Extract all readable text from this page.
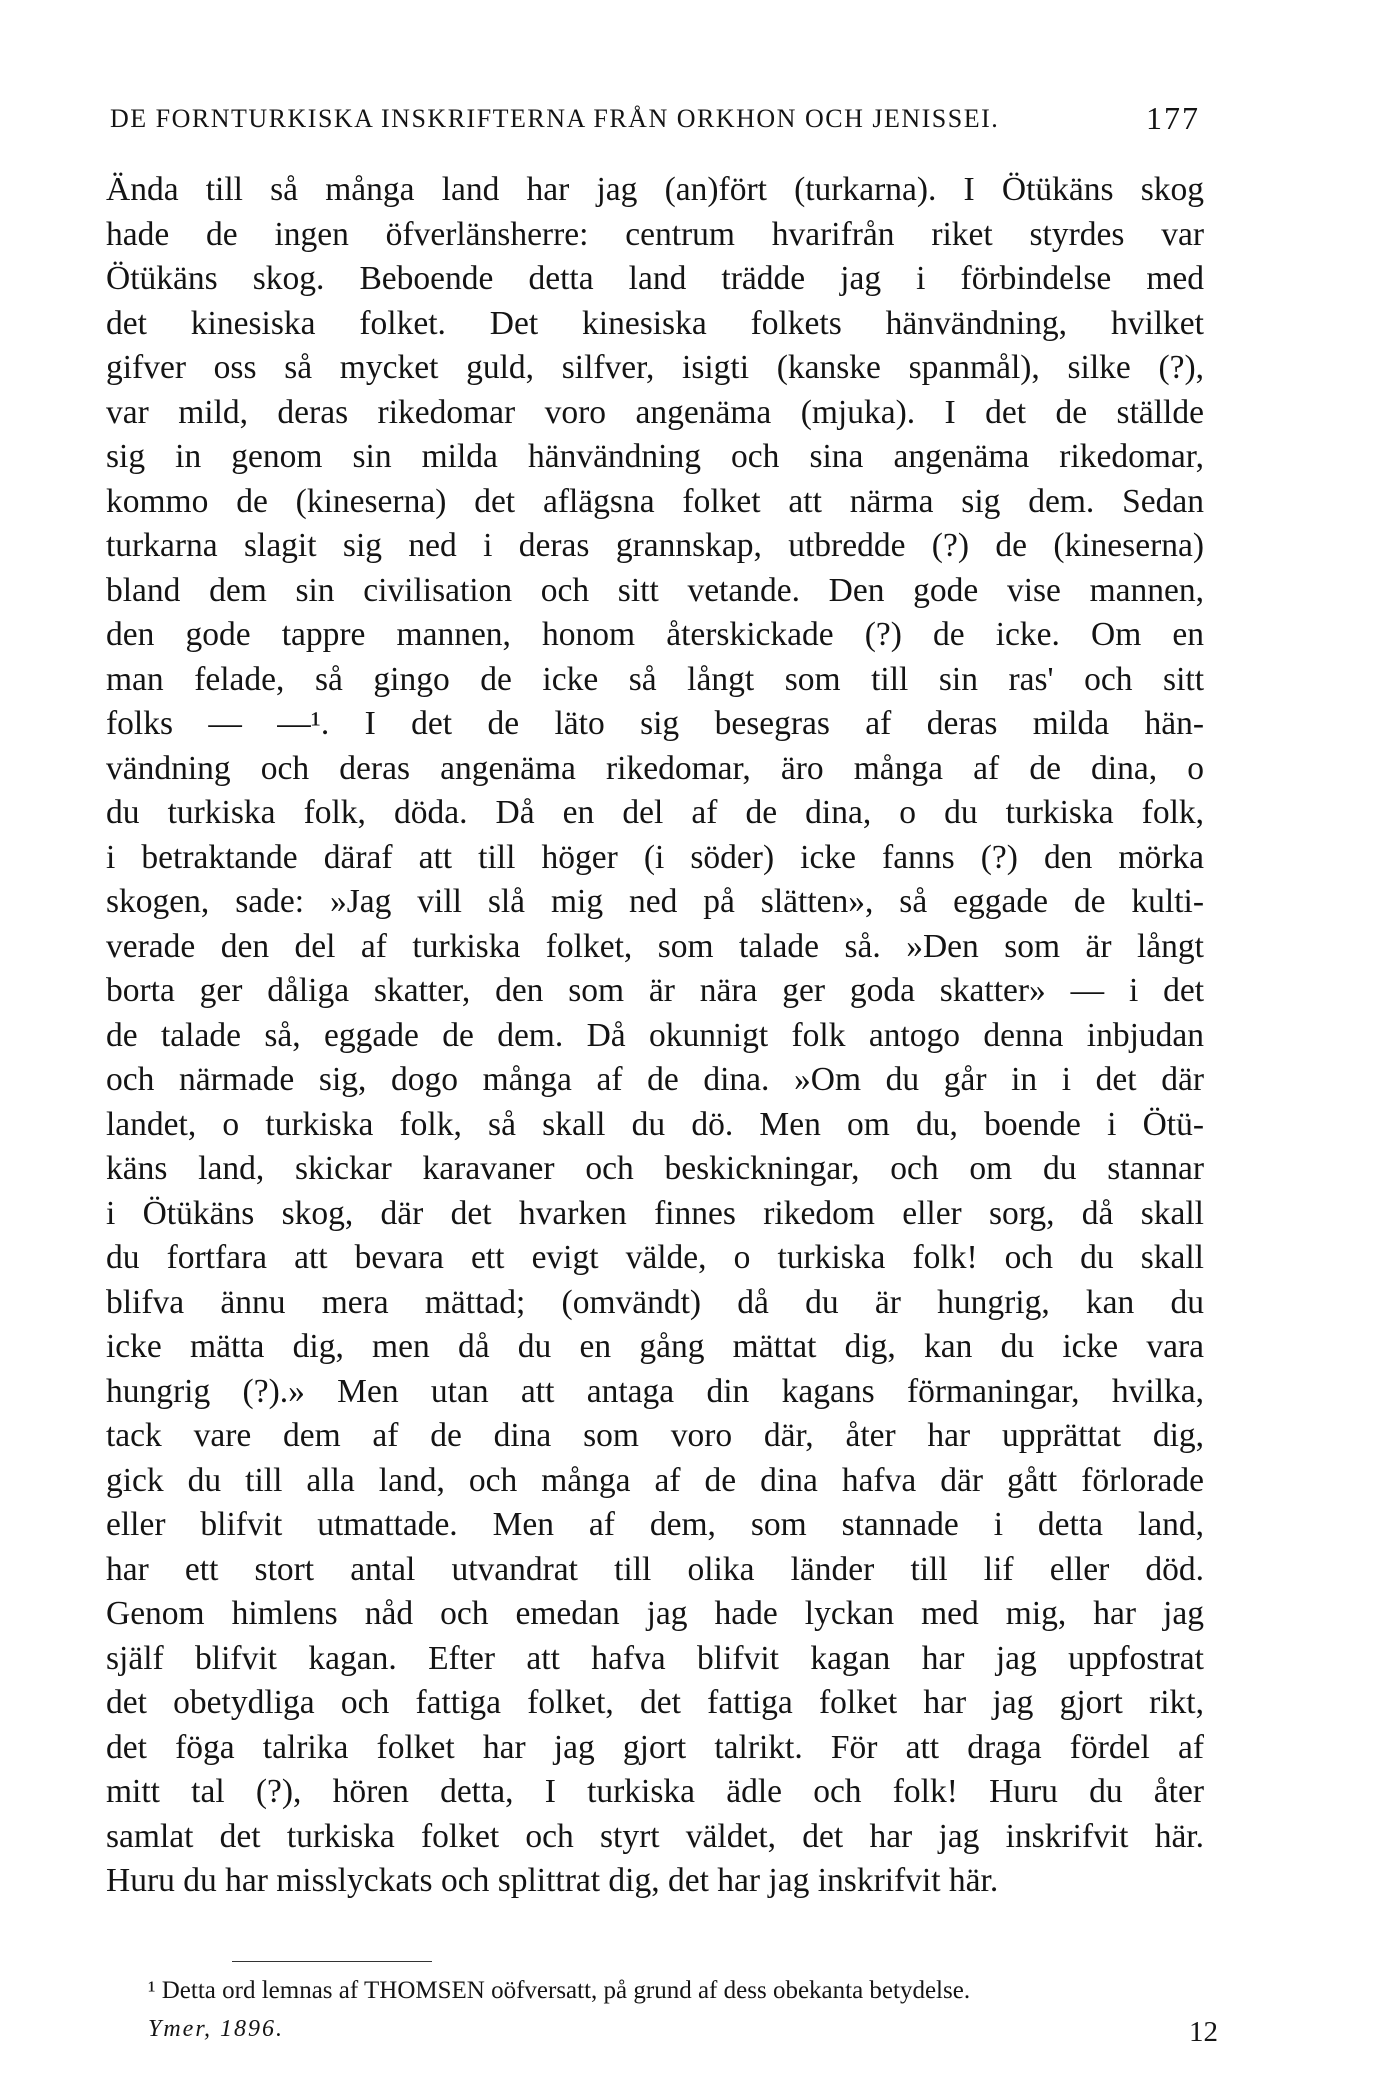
DE FORNTURKISKA INSKRIFTERNA FRÅN ORKHON OCH JENISSEI.	177
Ända till så många land har jag (an)fört (turkarna). I Ötükäns skog
hade de ingen öfverlänsherre: centrum hvarifrån riket styrdes var
Ötükäns skog. Beboende detta land trädde jag i förbindelse med
det kinesiska folket. Det kinesiska folkets hänvändning, hvilket
gifver oss så mycket guld, silfver, isigti (kanske spanmål), silke (?),
var mild, deras rikedomar voro angenäma (mjuka). I det de ställde
sig in genom sin milda hänvändning och sina angenäma rikedomar,
kommo de (kineserna) det aflägsna folket att närma sig dem. Sedan
turkarna slagit sig ned i deras grannskap, utbredde (?) de (kineserna)
bland dem sin civilisation och sitt vetande. Den gode vise mannen,
den gode tappre mannen, honom återskickade (?) de icke. Om en
man felade, så gingo de icke så långt som till sin ras' och sitt
folks — —¹. I det de läto sig besegras af deras milda hän-
vändning och deras angenäma rikedomar, äro många af de dina, o
du turkiska folk, döda. Då en del af de dina, o du turkiska folk,
i betraktande däraf att till höger (i söder) icke fanns (?) den mörka
skogen, sade: »Jag vill slå mig ned på slätten», så eggade de kulti-
verade den del af turkiska folket, som talade så. »Den som är långt
borta ger dåliga skatter, den som är nära ger goda skatter» — i det
de talade så, eggade de dem. Då okunnigt folk antogo denna inbjudan
och närmade sig, dogo många af de dina. »Om du går in i det där
landet, o turkiska folk, så skall du dö. Men om du, boende i Ötü-
käns land, skickar karavaner och beskickningar, och om du stannar
i Ötükäns skog, där det hvarken finnes rikedom eller sorg, då skall
du fortfara att bevara ett evigt välde, o turkiska folk! och du skall
blifva ännu mera mättad; (omvändt) då du är hungrig, kan du
icke mätta dig, men då du en gång mättat dig, kan du icke vara
hungrig (?).» Men utan att antaga din kagans förmaningar, hvilka,
tack vare dem af de dina som voro där, åter har upprättat dig,
gick du till alla land, och många af de dina hafva där gått förlorade
eller blifvit utmattade. Men af dem, som stannade i detta land,
har ett stort antal utvandrat till olika länder till lif eller död.
Genom himlens nåd och emedan jag hade lyckan med mig, har jag
själf blifvit kagan. Efter att hafva blifvit kagan har jag uppfostrat
det obetydliga och fattiga folket, det fattiga folket har jag gjort rikt,
det föga talrika folket har jag gjort talrikt. För att draga fördel af
mitt tal (?), hören detta, I turkiska ädle och folk! Huru du åter
samlat det turkiska folket och styrt väldet, det har jag inskrifvit här.
Huru du har misslyckats och splittrat dig, det har jag inskrifvit här.
¹ Detta ord lemnas af THOMSEN oöfversatt, på grund af dess obekanta betydelse.
Ymer, 1896.	12
